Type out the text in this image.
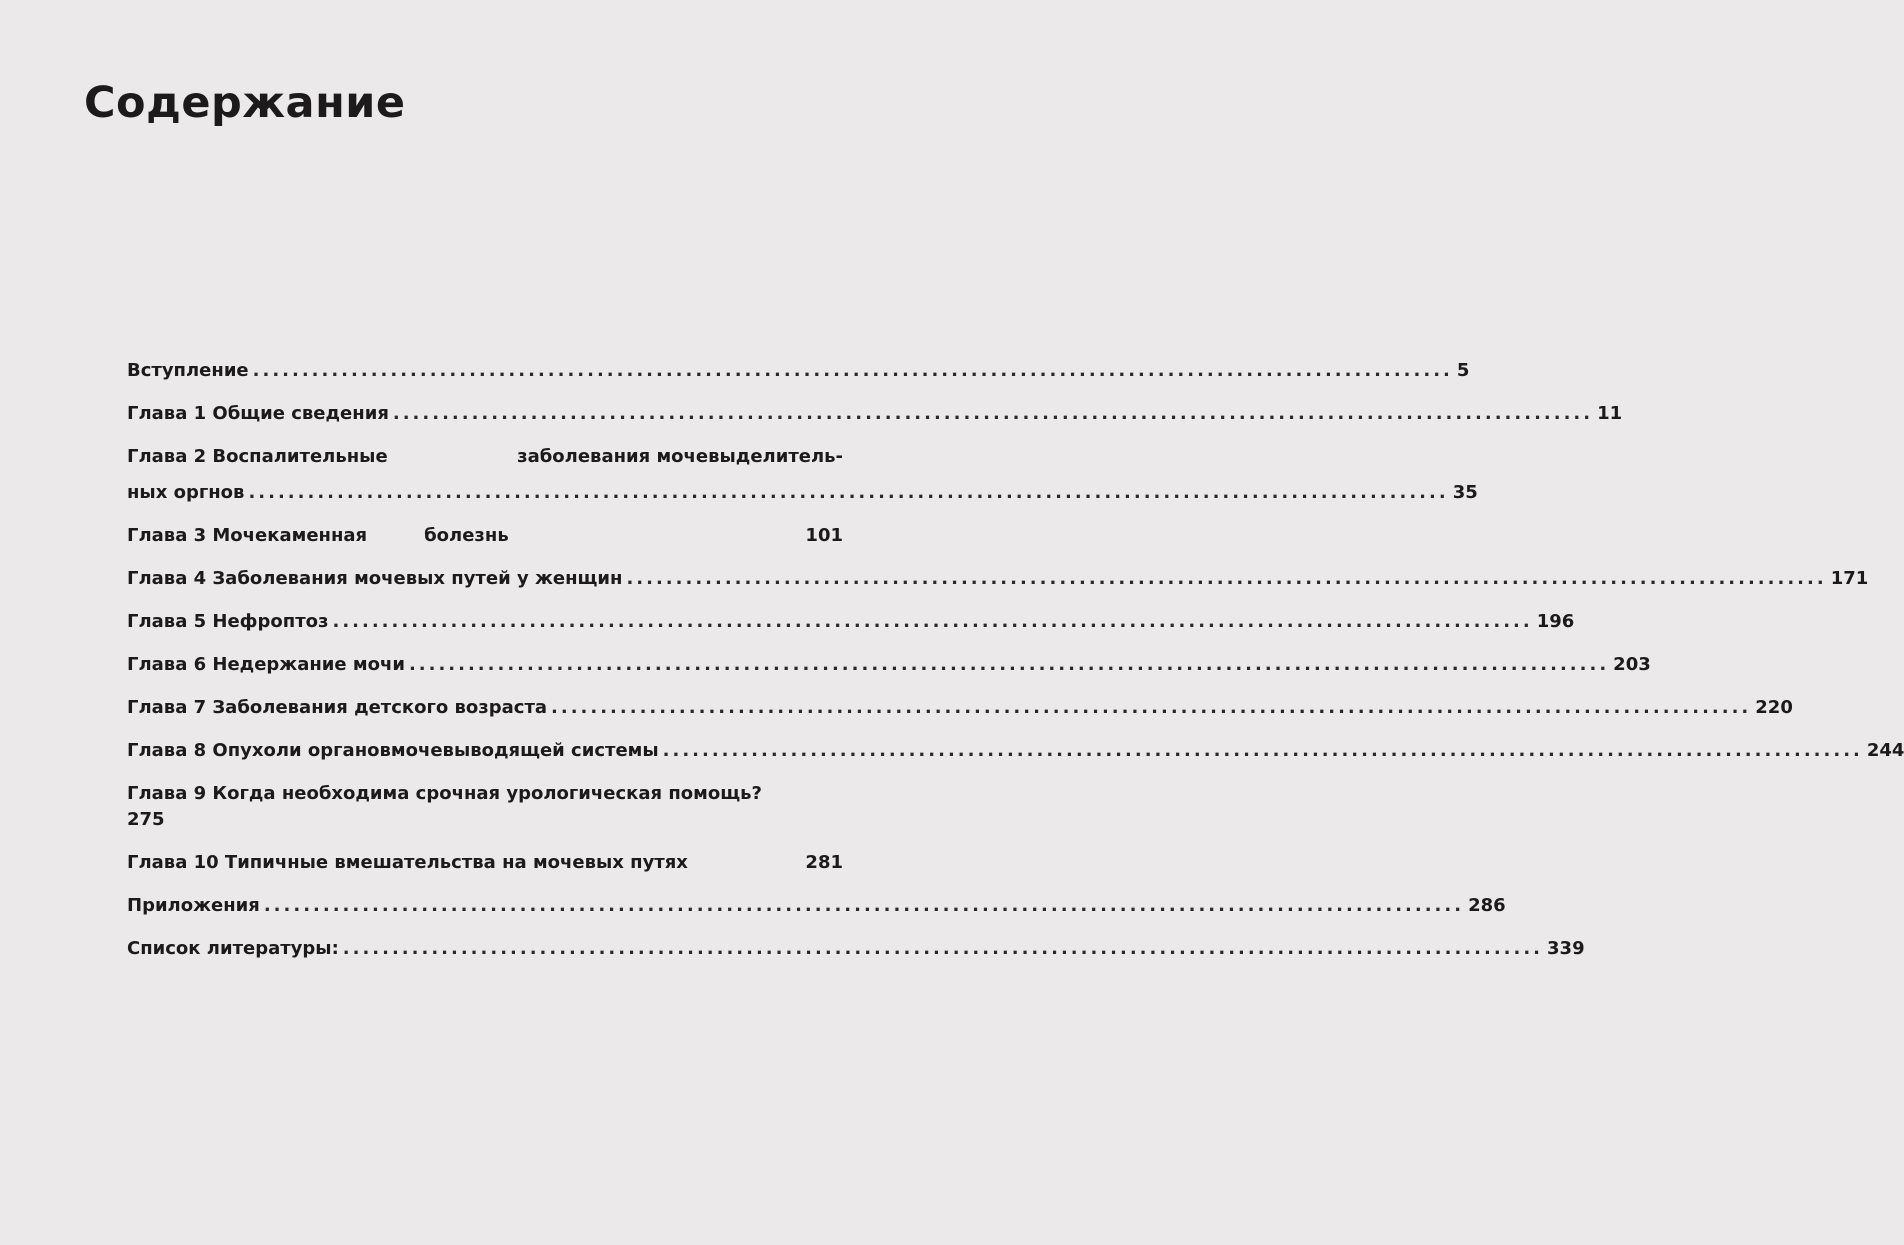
Содержание
Вступление .......................................................................................................................... 5
Глава 1 Общие сведения .......................................................................................................................... 11
Глава 2 Воспалительные	заболевания мочевыделитель-
ных оргнов .......................................................................................................................... 35
Глава 3 Мочекаменная	болезнь	101
Глава 4 Заболевания мочевых путей у женщин .......................................................................................................................... 171
Глава 5 Нефроптоз .......................................................................................................................... 196
Глава 6 Недержание мочи .......................................................................................................................... 203
Глава 7 Заболевания детского возраста .......................................................................................................................... 220
Глава 8 Опухоли органов мочевыводящей системы .......................................................................................................................... 244
Глава 9 Когда необходима срочная урологическая помощь?
275
Глава 10 Типичные вмешательства на мочевых путях	281
Приложения .......................................................................................................................... 286
Список литературы: .......................................................................................................................... 339
